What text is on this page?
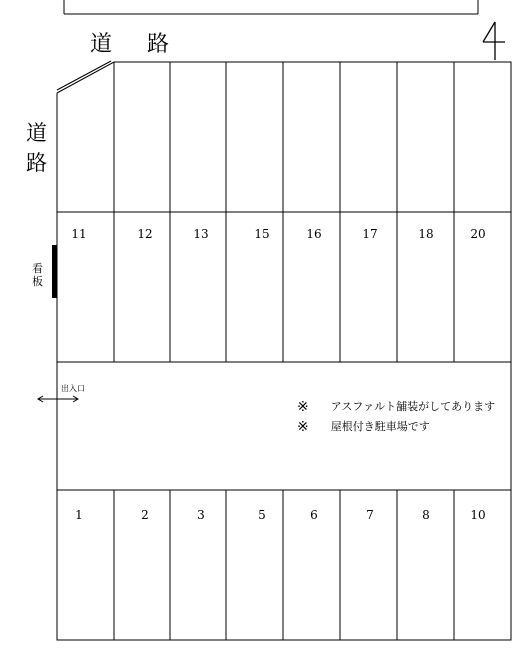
11	12	13	15	16	17	18	20
1	2	3	5	6	7	8	10
道 路
道路
看板
出入口
※ アスファルト舗装がしてあります
※ 屋根付き駐車場です
